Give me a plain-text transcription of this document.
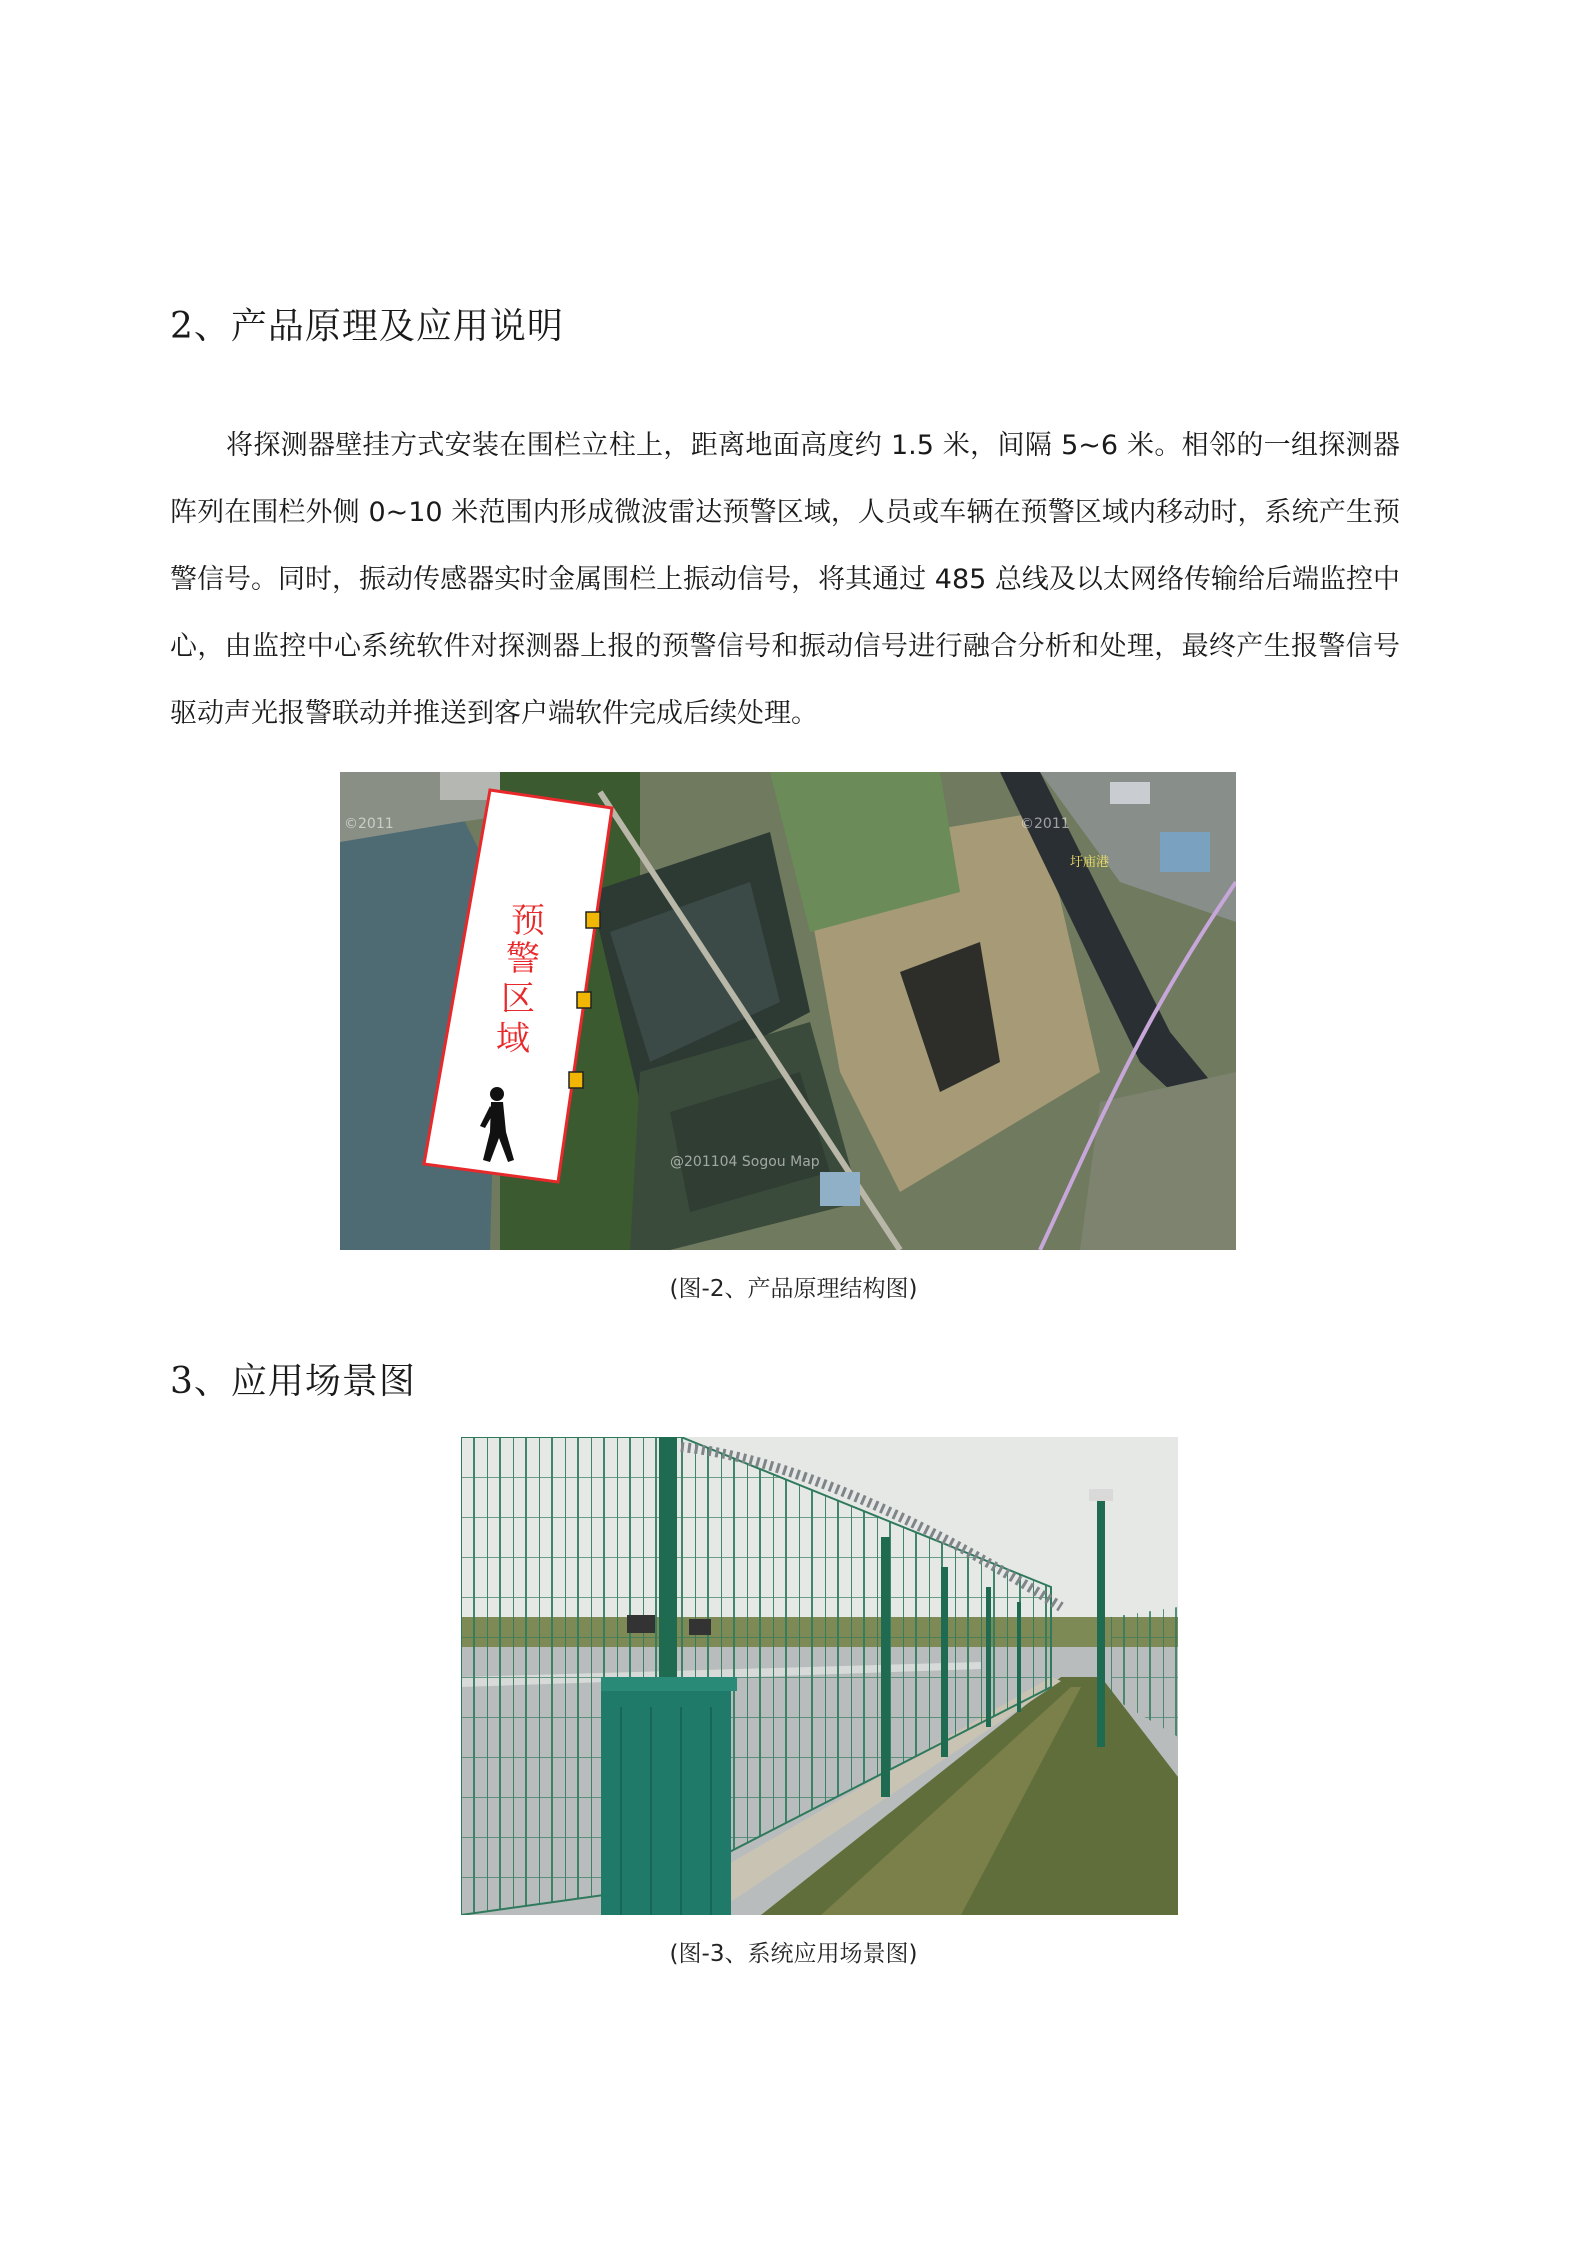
2、产品原理及应用说明

将探测器壁挂方式安装在围栏立柱上，距离地面高度约 1.5 米，间隔 5~6 米。相邻的一组探测器阵列在围栏外侧 0~10 米范围内形成微波雷达预警区域，人员或车辆在预警区域内移动时，系统产生预警信号。同时，振动传感器实时金属围栏上振动信号，将其通过 485 总线及以太网络传输给后端监控中心，由监控中心系统软件对探测器上报的预警信号和振动信号进行融合分析和处理，最终产生报警信号驱动声光报警联动并推送到客户端软件完成后续处理。

预
警
区
域
圩庙港
@201104 Sogou Map
©2011	©2011
(图-2、产品原理结构图)
3、应用场景图
(图-3、系统应用场景图)
